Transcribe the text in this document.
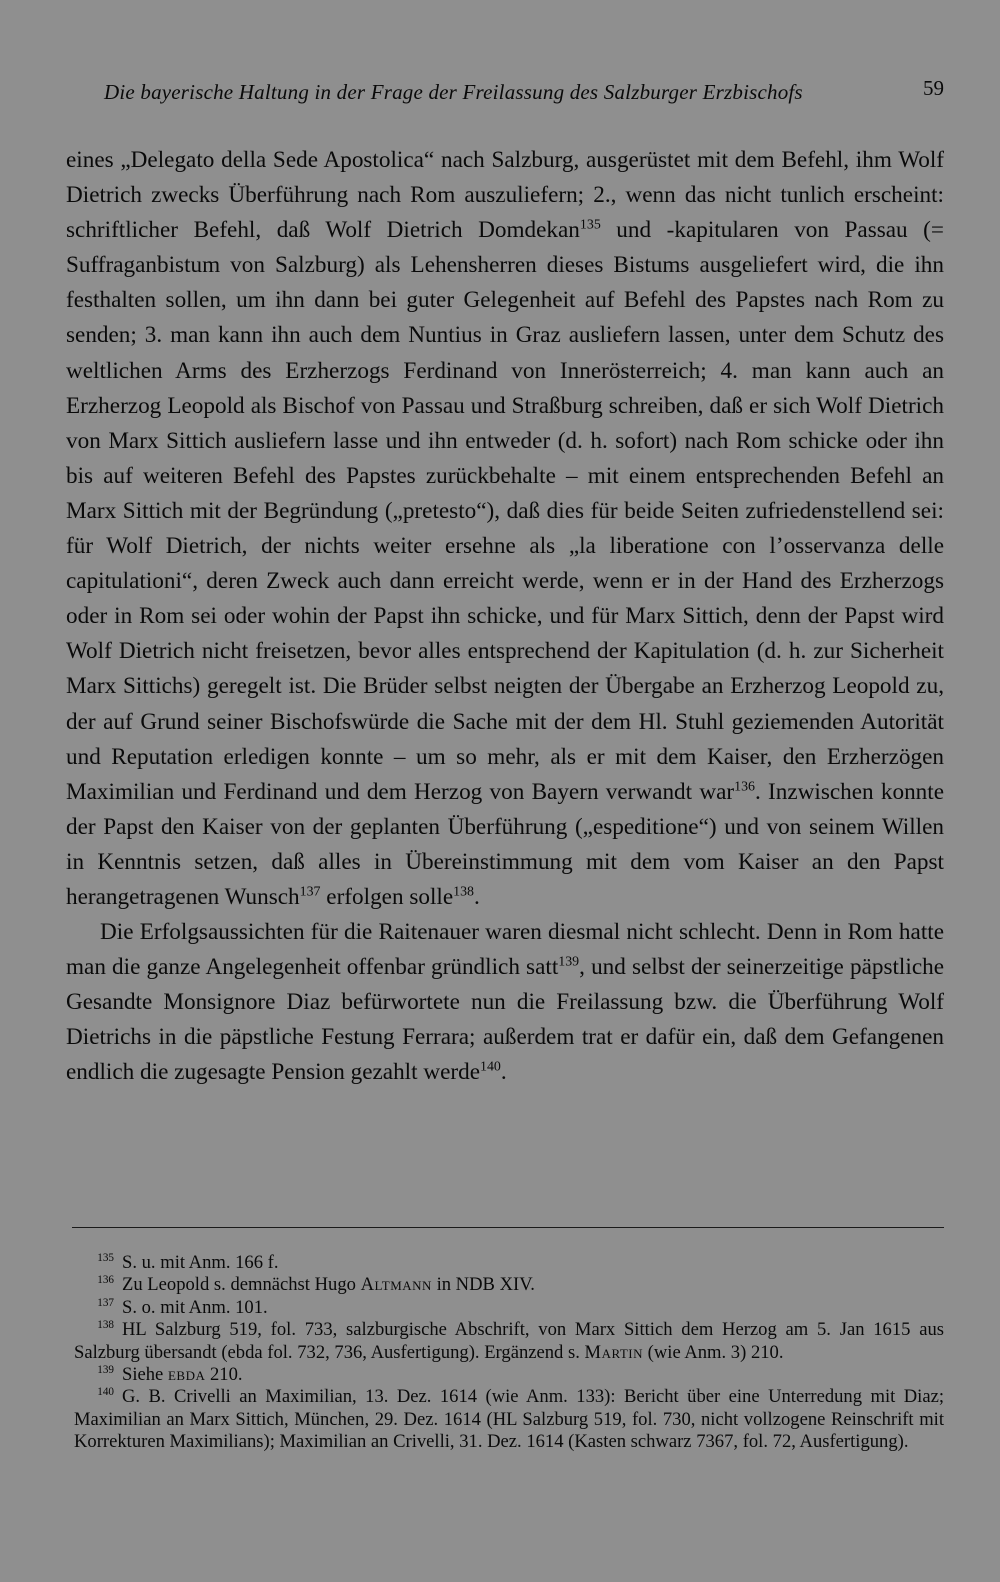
Die bayerische Haltung in der Frage der Freilassung des Salzburger Erzbischofs	59

eines „Delegato della Sede Apostolica“ nach Salzburg, ausgerüstet mit dem Befehl, ihm Wolf Dietrich zwecks Überführung nach Rom auszuliefern; 2., wenn das nicht tunlich erscheint: schriftlicher Befehl, daß Wolf Dietrich Domdekan$^{135}$ und -kapitularen von Passau (= Suffraganbistum von Salzburg) als Lehensherren dieses Bistums ausgeliefert wird, die ihn festhalten sollen, um ihn dann bei guter Gelegenheit auf Befehl des Papstes nach Rom zu senden; 3. man kann ihn auch dem Nuntius in Graz ausliefern lassen, unter dem Schutz des weltlichen Arms des Erzherzogs Ferdinand von Innerösterreich; 4. man kann auch an Erzherzog Leopold als Bischof von Passau und Straßburg schreiben, daß er sich Wolf Dietrich von Marx Sittich ausliefern lasse und ihn entweder (d. h. sofort) nach Rom schicke oder ihn bis auf weiteren Befehl des Papstes zurückbehalte – mit einem entsprechenden Befehl an Marx Sittich mit der Begründung („pretesto“), daß dies für beide Seiten zufriedenstellend sei: für Wolf Dietrich, der nichts weiter ersehne als „la liberatione con l’osservanza delle capitulationi“, deren Zweck auch dann erreicht werde, wenn er in der Hand des Erzherzogs oder in Rom sei oder wohin der Papst ihn schicke, und für Marx Sittich, denn der Papst wird Wolf Dietrich nicht freisetzen, bevor alles entsprechend der Kapitulation (d. h. zur Sicherheit Marx Sittichs) geregelt ist. Die Brüder selbst neigten der Übergabe an Erzherzog Leopold zu, der auf Grund seiner Bischofswürde die Sache mit der dem Hl. Stuhl geziemenden Autorität und Reputation erledigen konnte – um so mehr, als er mit dem Kaiser, den Erzherzögen Maximilian und Ferdinand und dem Herzog von Bayern verwandt war$^{136}$. Inzwischen konnte der Papst den Kaiser von der geplanten Überführung („espeditione“) und von seinem Willen in Kenntnis setzen, daß alles in Übereinstimmung mit dem vom Kaiser an den Papst herangetragenen Wunsch$^{137}$ erfolgen solle$^{138}$.

Die Erfolgsaussichten für die Raitenauer waren diesmal nicht schlecht. Denn in Rom hatte man die ganze Angelegenheit offenbar gründlich satt$^{139}$, und selbst der seinerzeitige päpstliche Gesandte Monsignore Diaz befürwortete nun die Freilassung bzw. die Überführung Wolf Dietrichs in die päpstliche Festung Ferrara; außerdem trat er dafür ein, daß dem Gefangenen endlich die zugesagte Pension gezahlt werde$^{140}$.

$^{135}$ S. u. mit Anm. 166 f.

$^{136}$ Zu Leopold s. demnächst Hugo Altmann in NDB XIV.

$^{137}$ S. o. mit Anm. 101.

$^{138}$ HL Salzburg 519, fol. 733, salzburgische Abschrift, von Marx Sittich dem Herzog am 5. Jan 1615 aus Salzburg übersandt (ebda fol. 732, 736, Ausfertigung). Ergänzend s. Martin (wie Anm. 3) 210.

$^{139}$ Siehe ebda 210.

$^{140}$ G. B. Crivelli an Maximilian, 13. Dez. 1614 (wie Anm. 133): Bericht über eine Unterredung mit Diaz; Maximilian an Marx Sittich, München, 29. Dez. 1614 (HL Salzburg 519, fol. 730, nicht vollzogene Reinschrift mit Korrekturen Maximilians); Maximilian an Crivelli, 31. Dez. 1614 (Kasten schwarz 7367, fol. 72, Ausfertigung).
